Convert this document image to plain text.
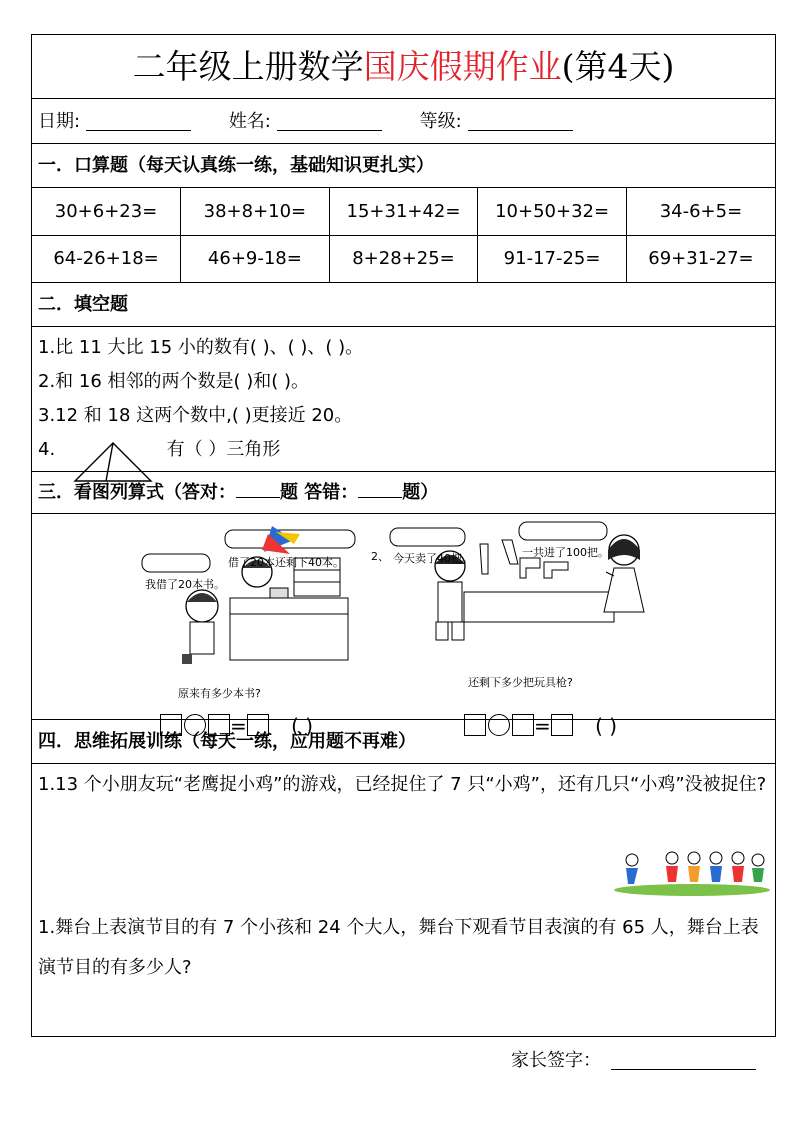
二年级上册数学国庆假期作业(第4天)
日期:	姓名:	等级:
一．口算题（每天认真练一练，基础知识更扎实）
30+6+23=	38+8+10=	15+31+42=	10+50+32=	34-6+5=
64-26+18=	46+9-18=	8+28+25=	91-17-25=	69+31-27=
二．填空题
1.比 11 大比 15 小的数有( )、( )、( )。
2.和 16 相邻的两个数是( )和( )。
3.12 和 18 这两个数中,( )更接近 20。
4.	有（ ）三角形
三．看图列算式（答对： 题 答错： 题）
我借了20本书。
借了20本还剩下40本。
原来有多少本书?
2、 今天卖了40把。	一共进了100把。
还剩下多少把玩具枪?
= ( )	= ( )
四．思维拓展训练（每天一练，应用题不再难）
1.13 个小朋友玩“老鹰捉小鸡”的游戏，已经捉住了 7 只“小鸡”，还有几只“小鸡”没被捉住?
1.舞台上表演节目的有 7 个小孩和 24 个大人，舞台下观看节目表演的有 65 人，舞台上表演节目的有多少人?
家长签字：
